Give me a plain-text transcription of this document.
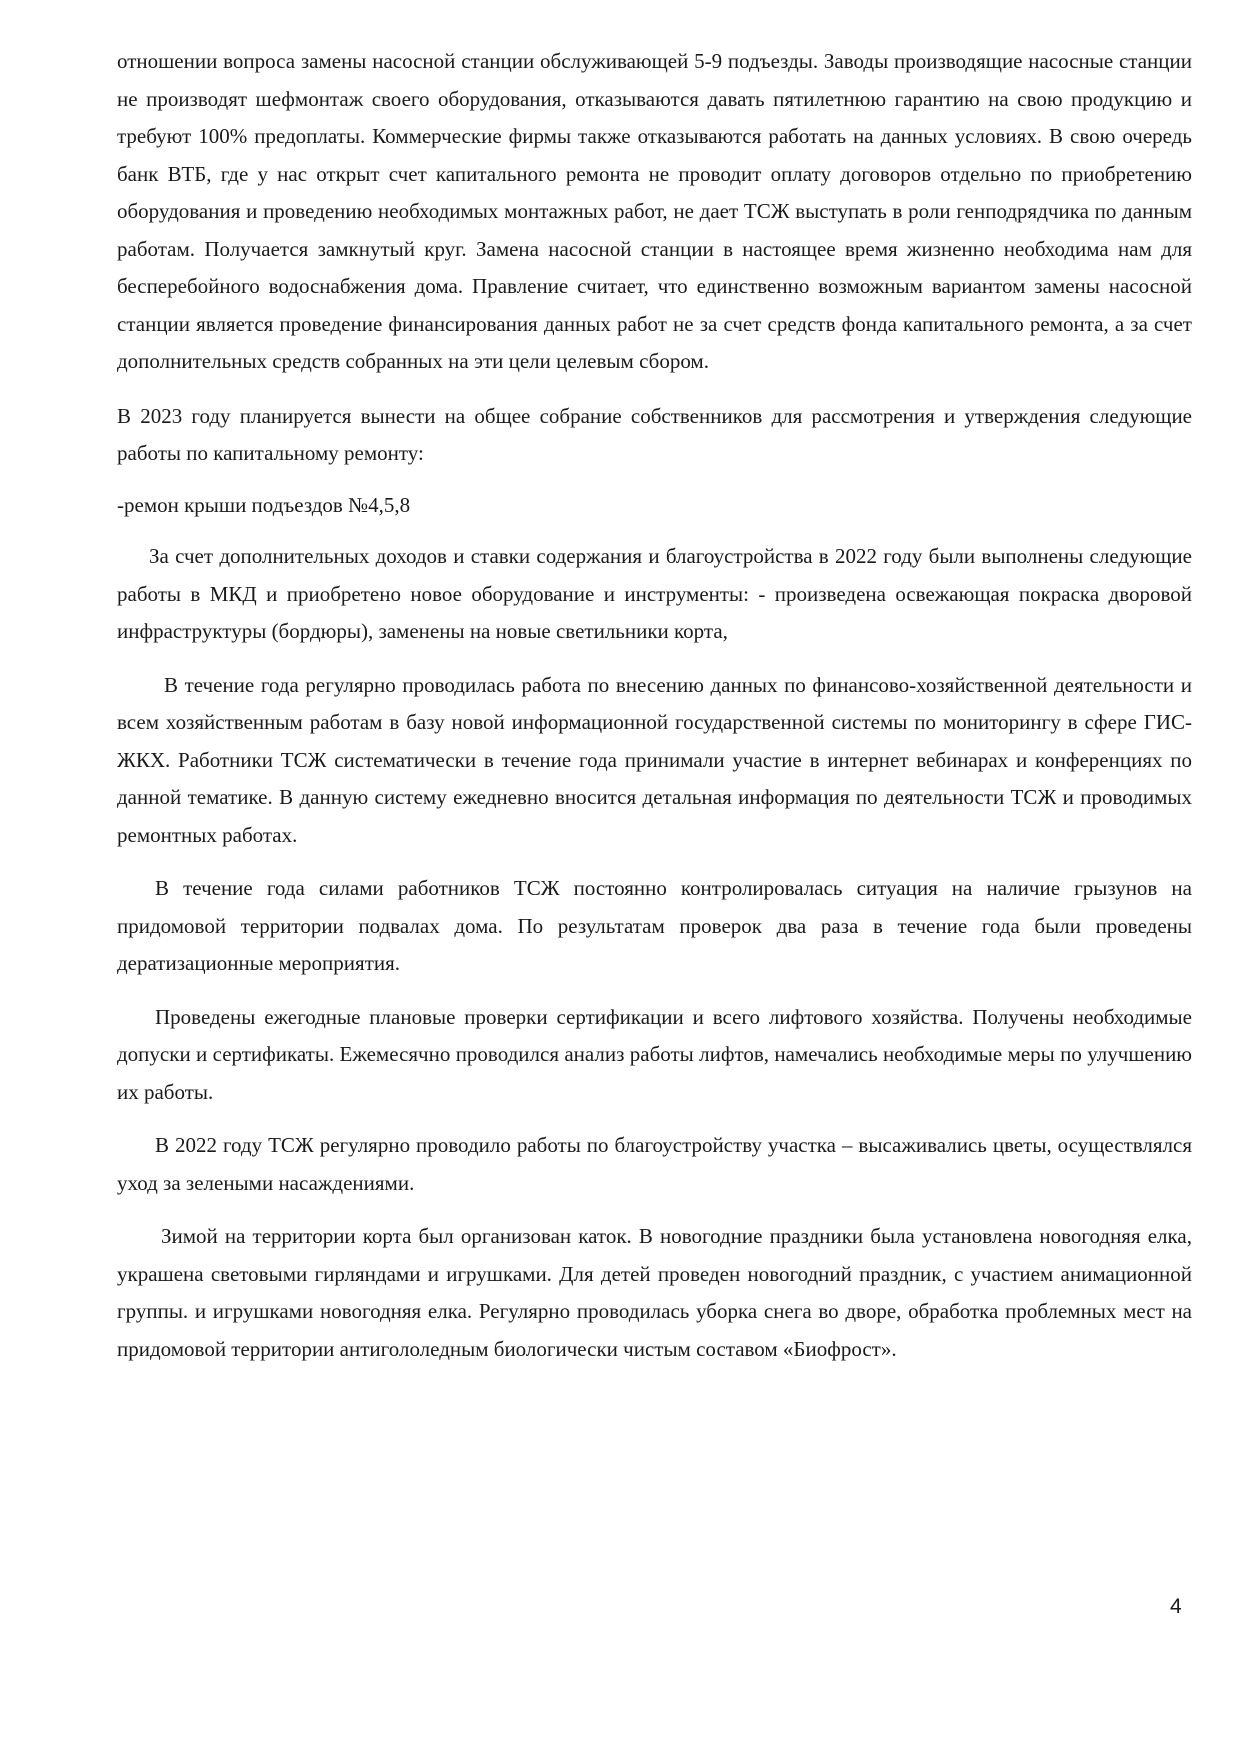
отношении вопроса замены насосной станции обслуживающей 5-9 подъезды. Заводы производящие насосные станции не производят шефмонтаж своего оборудования, отказываются давать пятилетнюю гарантию на свою продукцию и требуют 100% предоплаты. Коммерческие фирмы также отказываются работать на данных условиях. В свою очередь банк ВТБ, где у нас открыт счет капитального ремонта не проводит оплату договоров отдельно по приобретению оборудования и проведению необходимых монтажных работ, не дает ТСЖ выступать в роли генподрядчика по данным работам. Получается замкнутый круг. Замена насосной станции в настоящее время жизненно необходима нам для бесперебойного водоснабжения дома. Правление считает, что единственно возможным вариантом замены насосной станции является проведение финансирования данных работ не за счет средств фонда капитального ремонта, а за счет дополнительных средств собранных на эти цели целевым сбором.

В 2023 году планируется вынести на общее собрание собственников для рассмотрения и утверждения следующие работы по капитальному ремонту:

-ремон крыши подъездов №4,5,8

За счет дополнительных доходов и ставки содержания и благоустройства в 2022 году были выполнены следующие работы в МКД и приобретено новое оборудование и инструменты: - произведена освежающая покраска дворовой инфраструктуры (бордюры), заменены на новые светильники корта,

В течение года регулярно проводилась работа по внесению данных по финансово-хозяйственной деятельности и всем хозяйственным работам в базу новой информационной государственной системы по мониторингу в сфере ГИС-ЖКХ. Работники ТСЖ систематически в течение года принимали участие в интернет вебинарах и конференциях по данной тематике. В данную систему ежедневно вносится детальная информация по деятельности ТСЖ и проводимых ремонтных работах.

В течение года силами работников ТСЖ постоянно контролировалась ситуация на наличие грызунов на придомовой территории подвалах дома. По результатам проверок два раза в течение года были проведены дератизационные мероприятия.

Проведены ежегодные плановые проверки сертификации и всего лифтового хозяйства. Получены необходимые допуски и сертификаты. Ежемесячно проводился анализ работы лифтов, намечались необходимые меры по улучшению их работы.

В 2022 году ТСЖ регулярно проводило работы по благоустройству участка – высаживались цветы, осуществлялся уход за зелеными насаждениями.

Зимой на территории корта был организован каток. В новогодние праздники была установлена новогодняя елка, украшена световыми гирляндами и игрушками. Для детей проведен новогодний праздник, с участием анимационной группы. и игрушками новогодняя елка. Регулярно проводилась уборка снега во дворе, обработка проблемных мест на придомовой территории антигололедным биологически чистым составом «Биофрост».

4
